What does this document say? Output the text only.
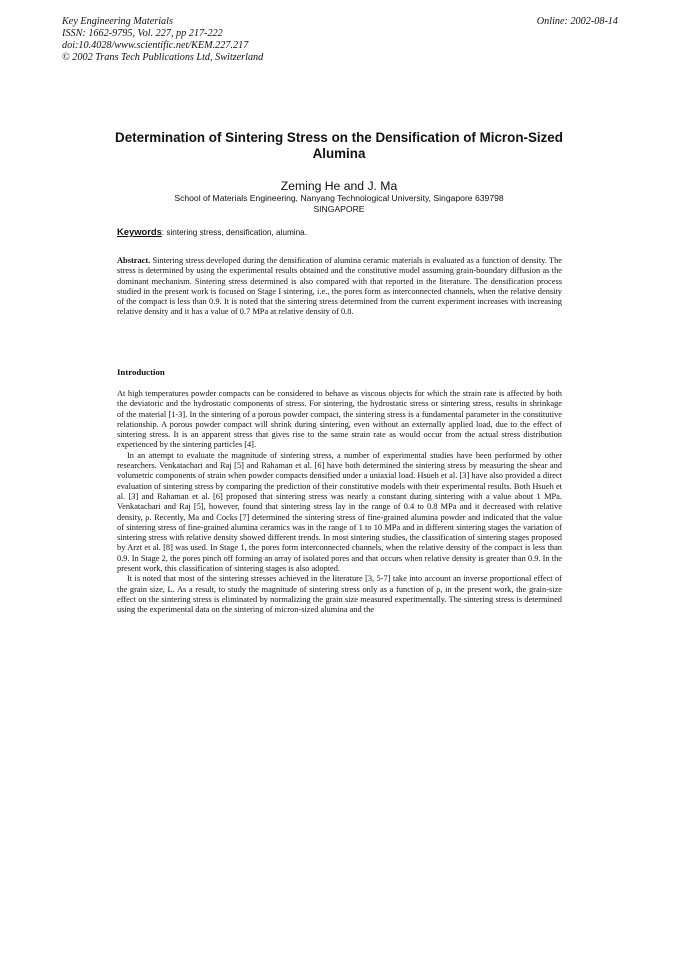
Key Engineering Materials
ISSN: 1662-9795, Vol. 227, pp 217-222
doi:10.4028/www.scientific.net/KEM.227.217
© 2002 Trans Tech Publications Ltd, Switzerland
Online: 2002-08-14
Determination of Sintering Stress on the Densification of Micron-Sized Alumina
Zeming He and J. Ma
School of Materials Engineering, Nanyang Technological University, Singapore 639798
SINGAPORE
Keywords: sintering stress, densification, alumina.

Abstract. Sintering stress developed during the densification of alumina ceramic materials is evaluated as a function of density. The stress is determined by using the experimental results obtained and the constitutive model assuming grain-boundary diffusion as the dominant mechanism. Sintering stress determined is also compared with that reported in the literature. The densification process studied in the present work is focused on Stage I sintering, i.e., the pores form as interconnected channels, when the relative density of the compact is less than 0.9. It is noted that the sintering stress determined from the current experiment increases with increasing relative density and it has a value of 0.7 MPa at relative density of 0.8.

Introduction

At high temperatures powder compacts can be considered to behave as viscous objects for which the strain rate is affected by both the deviatoric and the hydrostatic components of stress. For sintering, the hydrostatic stress or sintering stress, results in shrinkage of the material [1-3]. In the sintering of a porous powder compact, the sintering stress is a fundamental parameter in the constitutive relationship. A porous powder compact will shrink during sintering, even without an externally applied load, due to the effect of sintering stress. It is an apparent stress that gives rise to the same strain rate as would occur from the actual stress distribution experienced by the sintering particles [4].

In an attempt to evaluate the magnitude of sintering stress, a number of experimental studies have been performed by other researchers. Venkatachari and Raj [5] and Rahaman et al. [6] have both determined the sintering stress by measuring the shear and volumetric components of strain when powder compacts densified under a uniaxial load. Hsueh et al. [3] have also provided a direct evaluation of sintering stress by comparing the prediction of their constitutive models with their experimental results. Both Hsueh et al. [3] and Rahaman et al. [6] proposed that sintering stress was nearly a constant during sintering with a value about 1 MPa. Venkatachari and Raj [5], however, found that sintering stress lay in the range of 0.4 to 0.8 MPa and it decreased with relative density, ρ. Recently, Ma and Cocks [7] determined the sintering stress of fine-grained alumina powder and indicated that the value of sintering stress of fine-grained alumina ceramics was in the range of 1 to 10 MPa and in different sintering stages the variation of sintering stress with relative density showed different trends. In most sintering studies, the classification of sintering stages proposed by Arzt et al. [8] was used. In Stage 1, the pores form interconnected channels, when the relative density of the compact is less than 0.9. In Stage 2, the pores pinch off forming an array of isolated pores and that occurs when relative density is greater than 0.9. In the present work, this classification of sintering stages is also adopted.

It is noted that most of the sintering stresses achieved in the literature [3, 5-7] take into account an inverse proportional effect of the grain size, L. As a result, to study the magnitude of sintering stress only as a function of ρ, in the present work, the grain-size effect on the sintering stress is eliminated by normalizing the grain size measured experimentally. The sintering stress is determined using the experimental data on the sintering of micron-sized alumina and the
